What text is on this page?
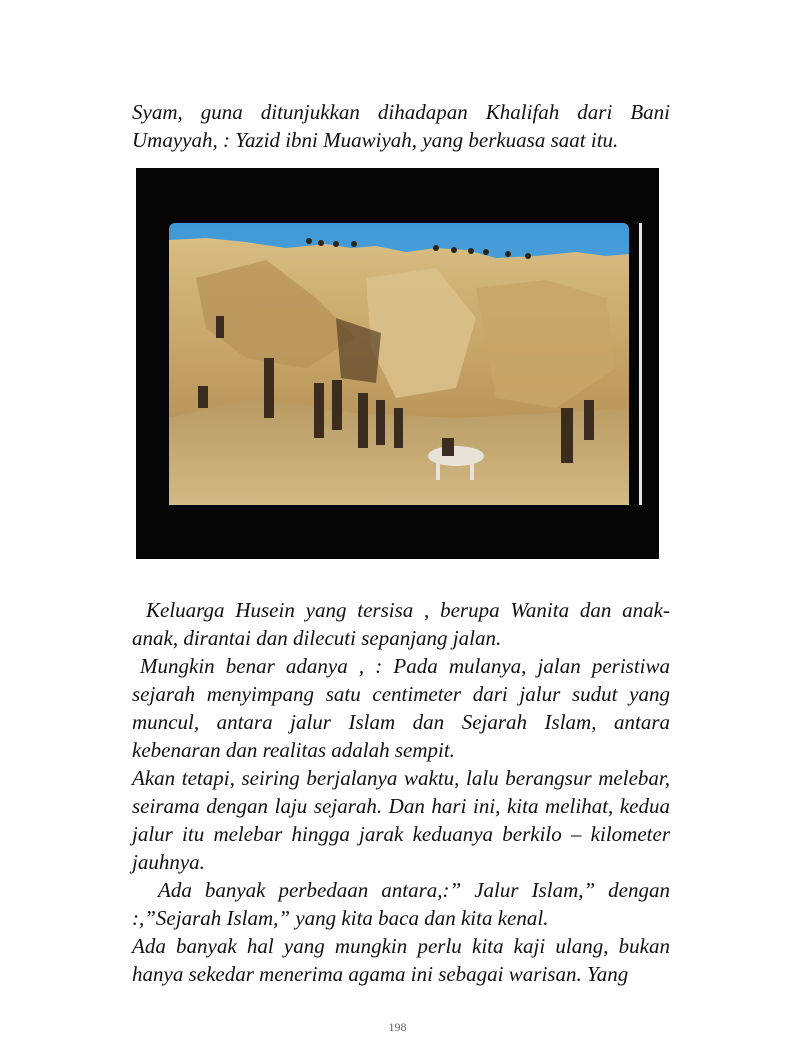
Syam, guna ditunjukkan dihadapan Khalifah dari Bani Umayyah, : Yazid ibni Muawiyah, yang berkuasa saat itu.

Keluarga Husein yang tersisa , berupa Wanita dan anak-anak, dirantai dan dilecuti sepanjang jalan.

Mungkin benar adanya , : Pada mulanya, jalan peristiwa sejarah menyimpang satu centimeter dari jalur sudut yang muncul, antara jalur Islam dan Sejarah Islam, antara kebenaran dan realitas adalah sempit.

Akan tetapi, seiring berjalanya waktu, lalu berangsur melebar, seirama dengan laju sejarah. Dan hari ini, kita melihat, kedua jalur itu melebar hingga jarak keduanya berkilo – kilometer jauhnya.

Ada banyak perbedaan antara,:” Jalur Islam,” dengan :,”Sejarah Islam,” yang kita baca dan kita kenal.

Ada banyak hal yang mungkin perlu kita kaji ulang, bukan hanya sekedar menerima agama ini sebagai warisan. Yang

198
